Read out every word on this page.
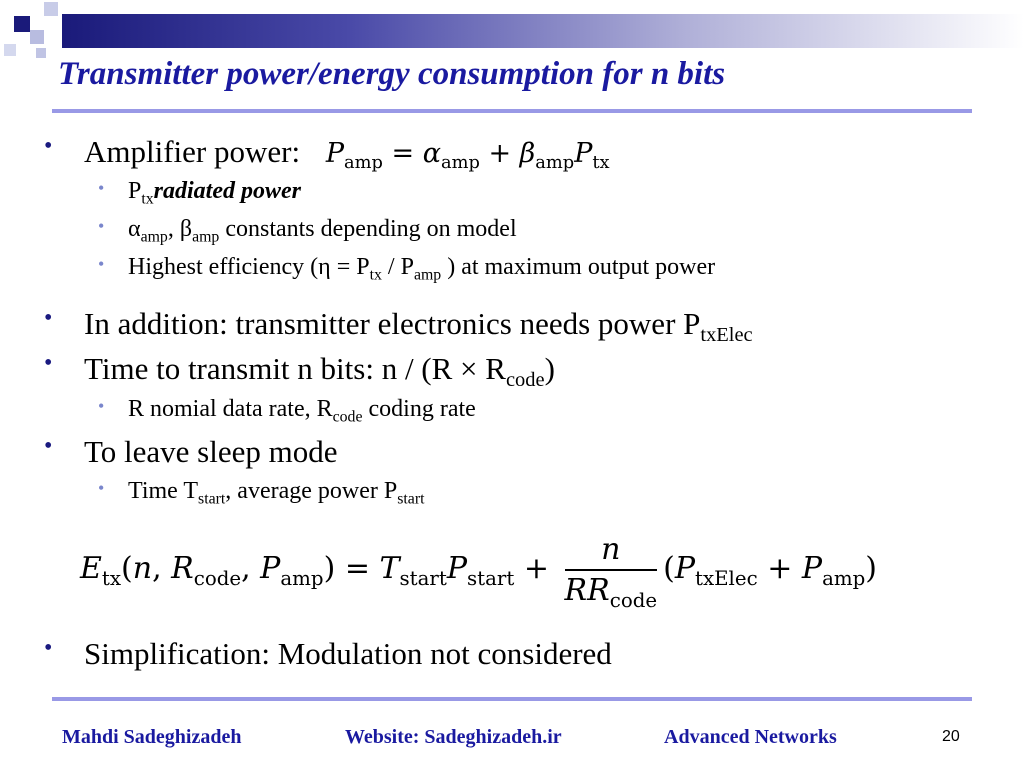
Transmitter power/energy consumption for n bits
• Amplifier power: $P_{amp} = \alpha_{amp} + \beta_{amp}P_{tx}$
• $P_{tx}radiated$ power
• $\alpha_{amp}$, $\beta_{amp}$ constants depending on model
• Highest efficiency ($\eta = P_{tx} / P_{amp}$ ) at maximum output power
• In addition: transmitter electronics needs power $P_{txElec}$
• Time to transmit n bits: $n / (R \times R_{code})$
• R nomial data rate, $R_{code}$ coding rate
• To leave sleep mode
• Time $T_{start}$, average power $P_{start}$
$E_{tx}(n$, $R_{code}$, $P_{amp}) = T_{start}P_{start} + \frac{n}{RR_{code}} (P_{txElec} + P_{amp})$
• Simplification: Modulation not considered
Mahdi Sadeghizadeh	Website: Sadeghizadeh.ir	Advanced Networks	20
